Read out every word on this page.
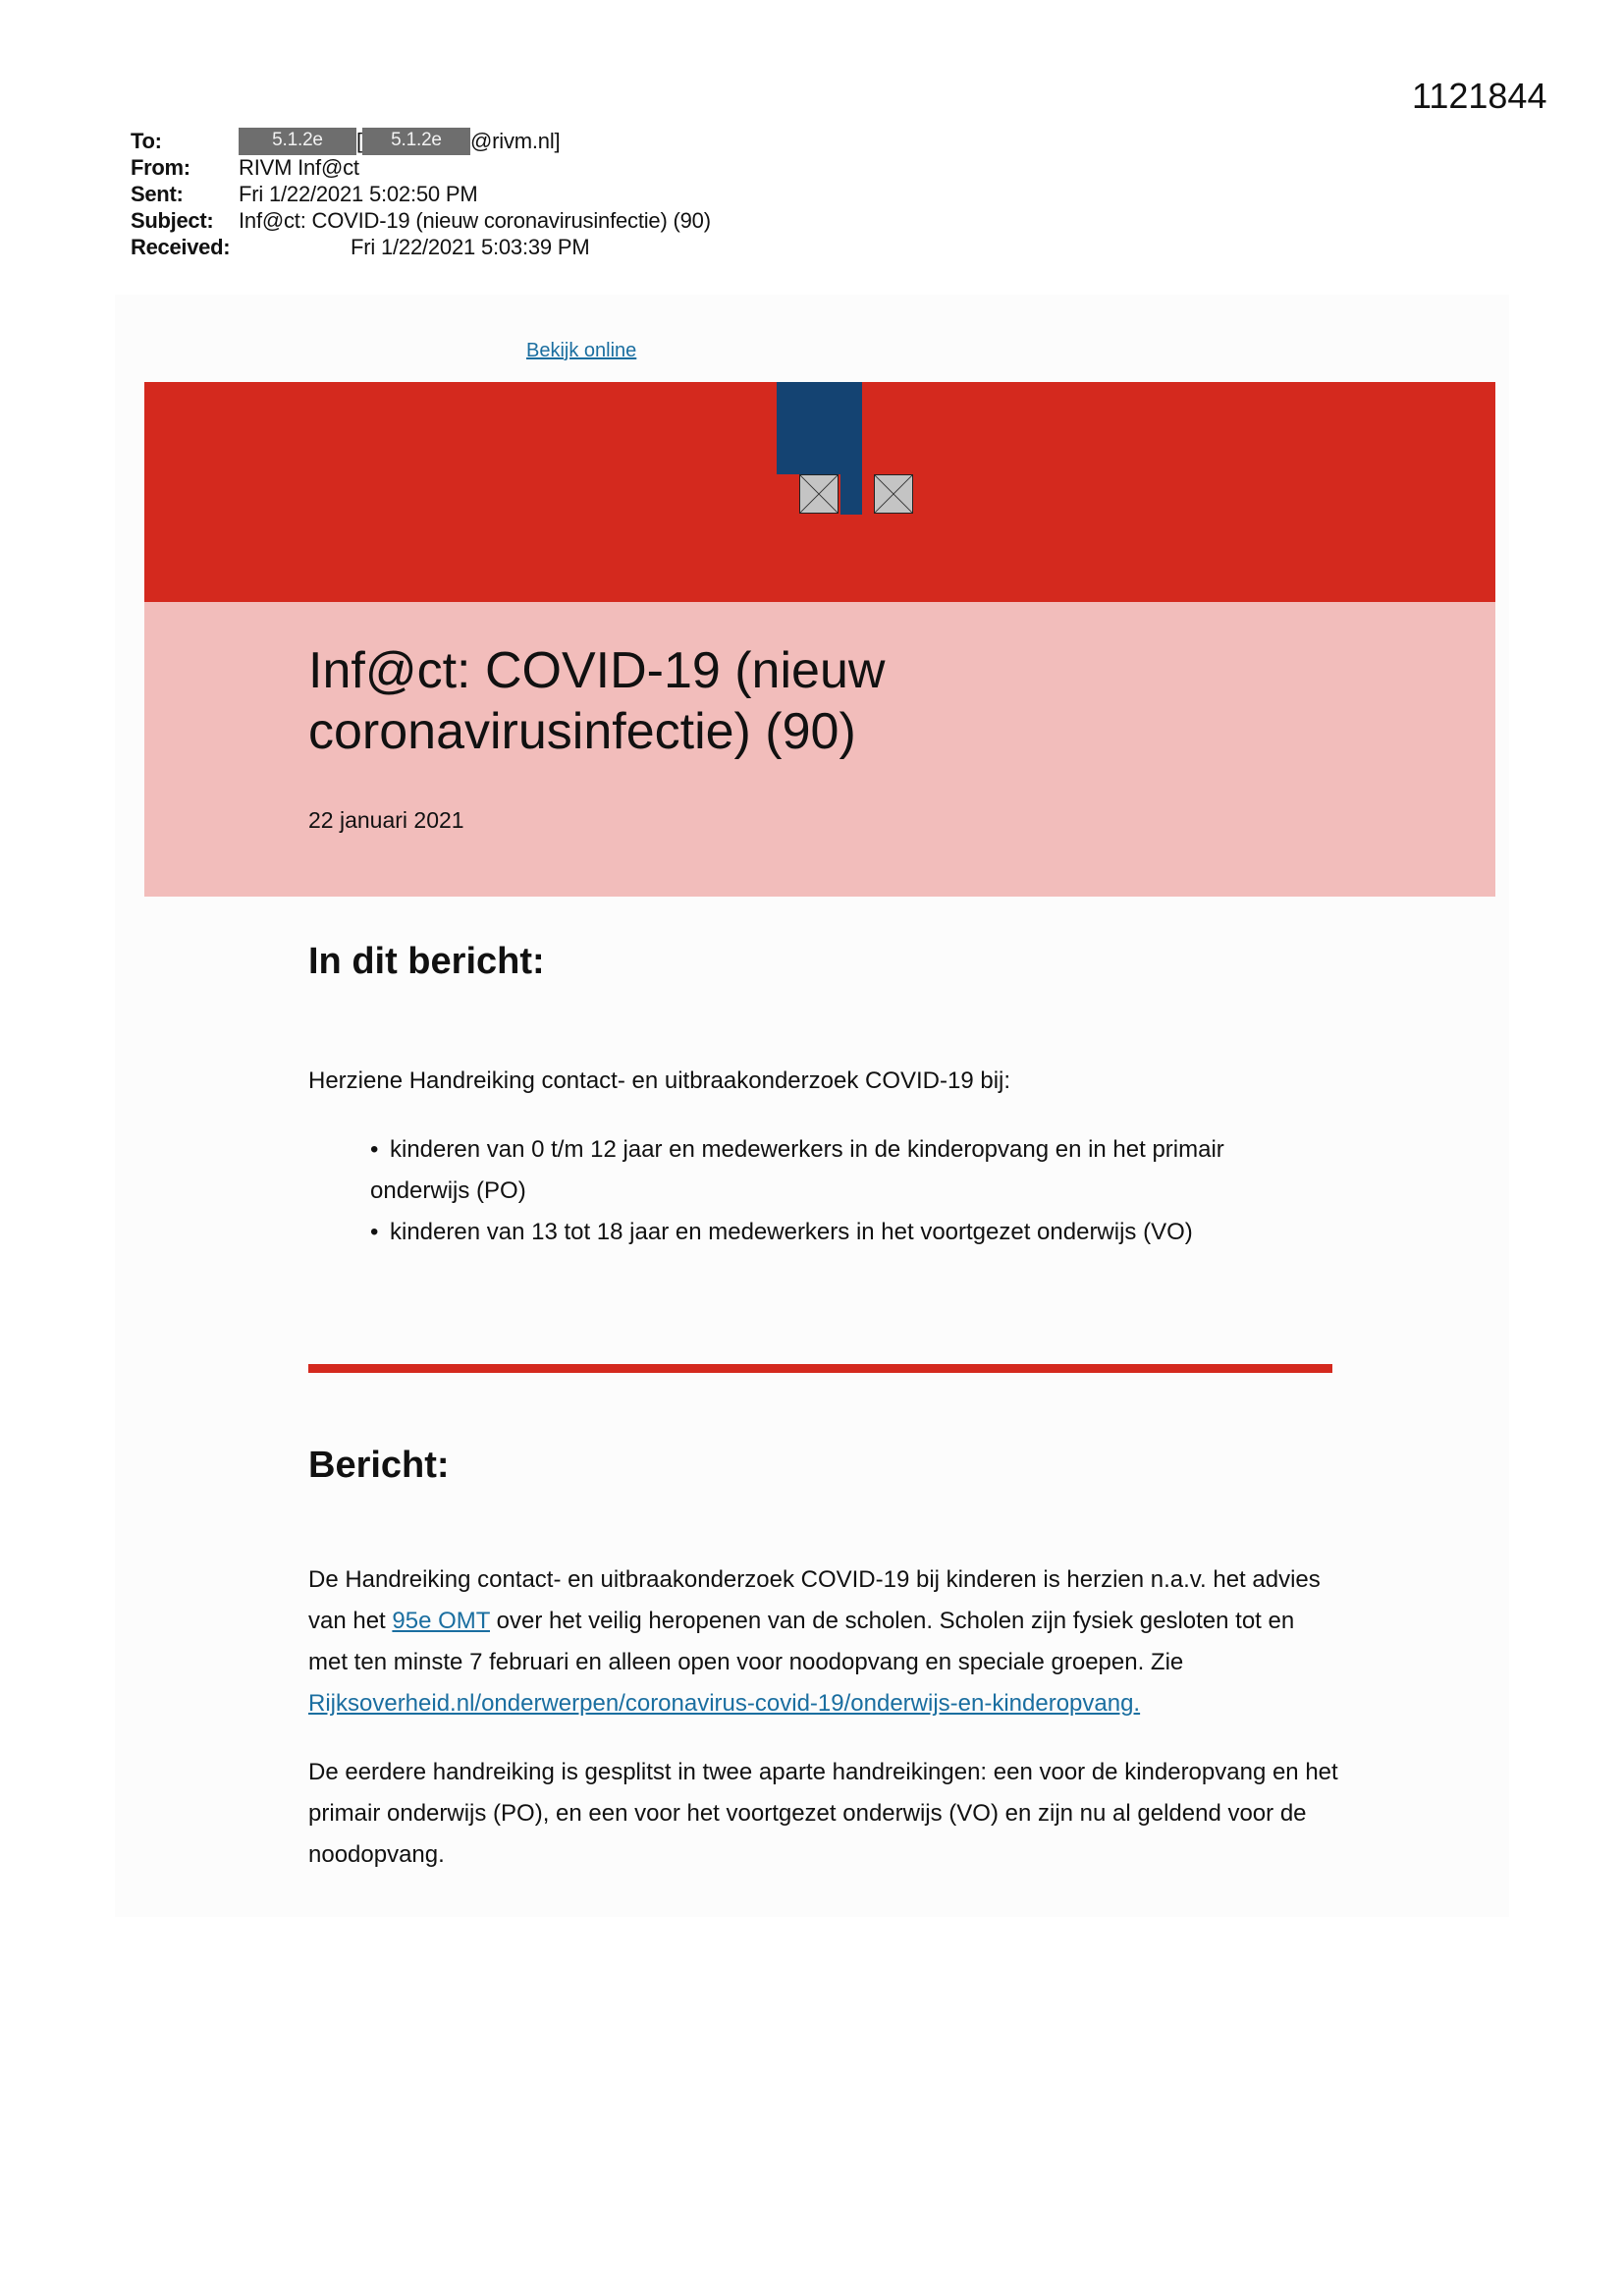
1121844
To:	5.1.2e [ 5.1.2e @rivm.nl]
From: RIVM Inf@ct
Sent:	Fri 1/22/2021 5:02:50 PM
Subject: Inf@ct: COVID-19 (nieuw coronavirusinfectie) (90)
Received:	Fri 1/22/2021 5:03:39 PM
Bekijk online
Inf@ct: COVID-19 (nieuw
coronavirusinfectie) (90)
22 januari 2021
In dit bericht:
Herziene Handreiking contact- en uitbraakonderzoek COVID-19 bij:
• kinderen van 0 t/m 12 jaar en medewerkers in de kinderopvang en in het primair
onderwijs (PO)
• kinderen van 13 tot 18 jaar en medewerkers in het voortgezet onderwijs (VO)
Bericht:

De Handreiking contact- en uitbraakonderzoek COVID-19 bij kinderen is herzien n.a.v. het advies van het 95e OMT over het veilig heropenen van de scholen. Scholen zijn fysiek gesloten tot en met ten minste 7 februari en alleen open voor noodopvang en speciale groepen. Zie Rijksoverheid.nl/onderwerpen/coronavirus-covid-19/onderwijs-en-kinderopvang.

De eerdere handreiking is gesplitst in twee aparte handreikingen: een voor de kinderopvang en het primair onderwijs (PO), en een voor het voortgezet onderwijs (VO) en zijn nu al geldend voor de noodopvang.
